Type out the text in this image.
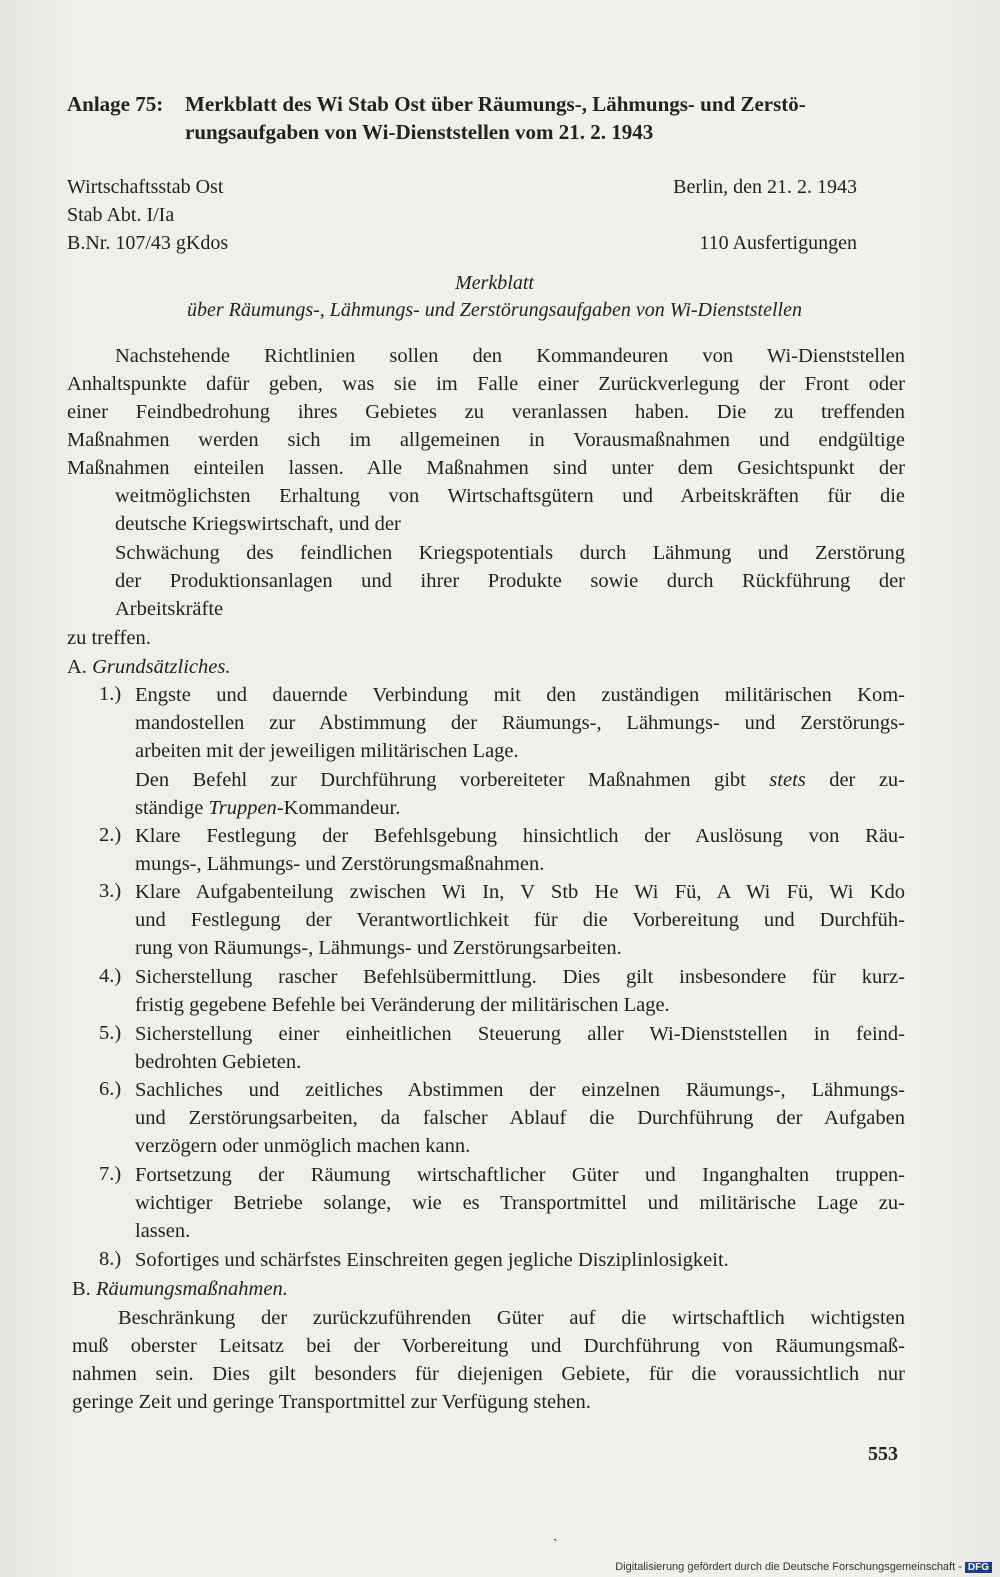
Anlage 75: Merkblatt des Wi Stab Ost über Räumungs-, Lähmungs- und Zerstö-
rungsaufgaben von Wi-Dienststellen vom 21. 2. 1943
Wirtschaftsstab Ost	Berlin, den 21. 2. 1943
Stab Abt. I/Ia
B.Nr. 107/43 gKdos	110 Ausfertigungen
Merkblatt
über Räumungs-, Lähmungs- und Zerstörungsaufgaben von Wi-Dienststellen
Nachstehende Richtlinien sollen den Kommandeuren von Wi-Dienststellen
Anhaltspunkte dafür geben, was sie im Falle einer Zurückverlegung der Front oder
einer Feindbedrohung ihres Gebietes zu veranlassen haben. Die zu treffenden
Maßnahmen werden sich im allgemeinen in Vorausmaßnahmen und endgültige
Maßnahmen einteilen lassen. Alle Maßnahmen sind unter dem Gesichtspunkt der
weitmöglichsten Erhaltung von Wirtschaftsgütern und Arbeitskräften für die
deutsche Kriegswirtschaft, und der
Schwächung des feindlichen Kriegspotentials durch Lähmung und Zerstörung
der Produktionsanlagen und ihrer Produkte sowie durch Rückführung der
Arbeitskräfte
zu treffen.
A. Grundsätzliches.
1.) Engste und dauernde Verbindung mit den zuständigen militärischen Kom-
mandostellen zur Abstimmung der Räumungs-, Lähmungs- und Zerstörungs-
arbeiten mit der jeweiligen militärischen Lage.
Den Befehl zur Durchführung vorbereiteter Maßnahmen gibt stets der zu-
ständige Truppen-Kommandeur.
2.) Klare Festlegung der Befehlsgebung hinsichtlich der Auslösung von Räu-
mungs-, Lähmungs- und Zerstörungsmaßnahmen.
3.) Klare Aufgabenteilung zwischen Wi In, V Stb He Wi Fü, A Wi Fü, Wi Kdo
und Festlegung der Verantwortlichkeit für die Vorbereitung und Durchfüh-
rung von Räumungs-, Lähmungs- und Zerstörungsarbeiten.
4.) Sicherstellung rascher Befehlsübermittlung. Dies gilt insbesondere für kurz-
fristig gegebene Befehle bei Veränderung der militärischen Lage.
5.) Sicherstellung einer einheitlichen Steuerung aller Wi-Dienststellen in feind-
bedrohten Gebieten.
6.) Sachliches und zeitliches Abstimmen der einzelnen Räumungs-, Lähmungs-
und Zerstörungsarbeiten, da falscher Ablauf die Durchführung der Aufgaben
verzögern oder unmöglich machen kann.
7.) Fortsetzung der Räumung wirtschaftlicher Güter und Inganghalten truppen-
wichtiger Betriebe solange, wie es Transportmittel und militärische Lage zu-
lassen.
8.) Sofortiges und schärfstes Einschreiten gegen jegliche Disziplinlosigkeit.
B. Räumungsmaßnahmen.
Beschränkung der zurückzuführenden Güter auf die wirtschaftlich wichtigsten
muß oberster Leitsatz bei der Vorbereitung und Durchführung von Räumungsmaß-
nahmen sein. Dies gilt besonders für diejenigen Gebiete, für die voraussichtlich nur
geringe Zeit und geringe Transportmittel zur Verfügung stehen.
553
ˏ
Digitalisierung gefördert durch die Deutsche Forschungsgemeinschaft - DFG
